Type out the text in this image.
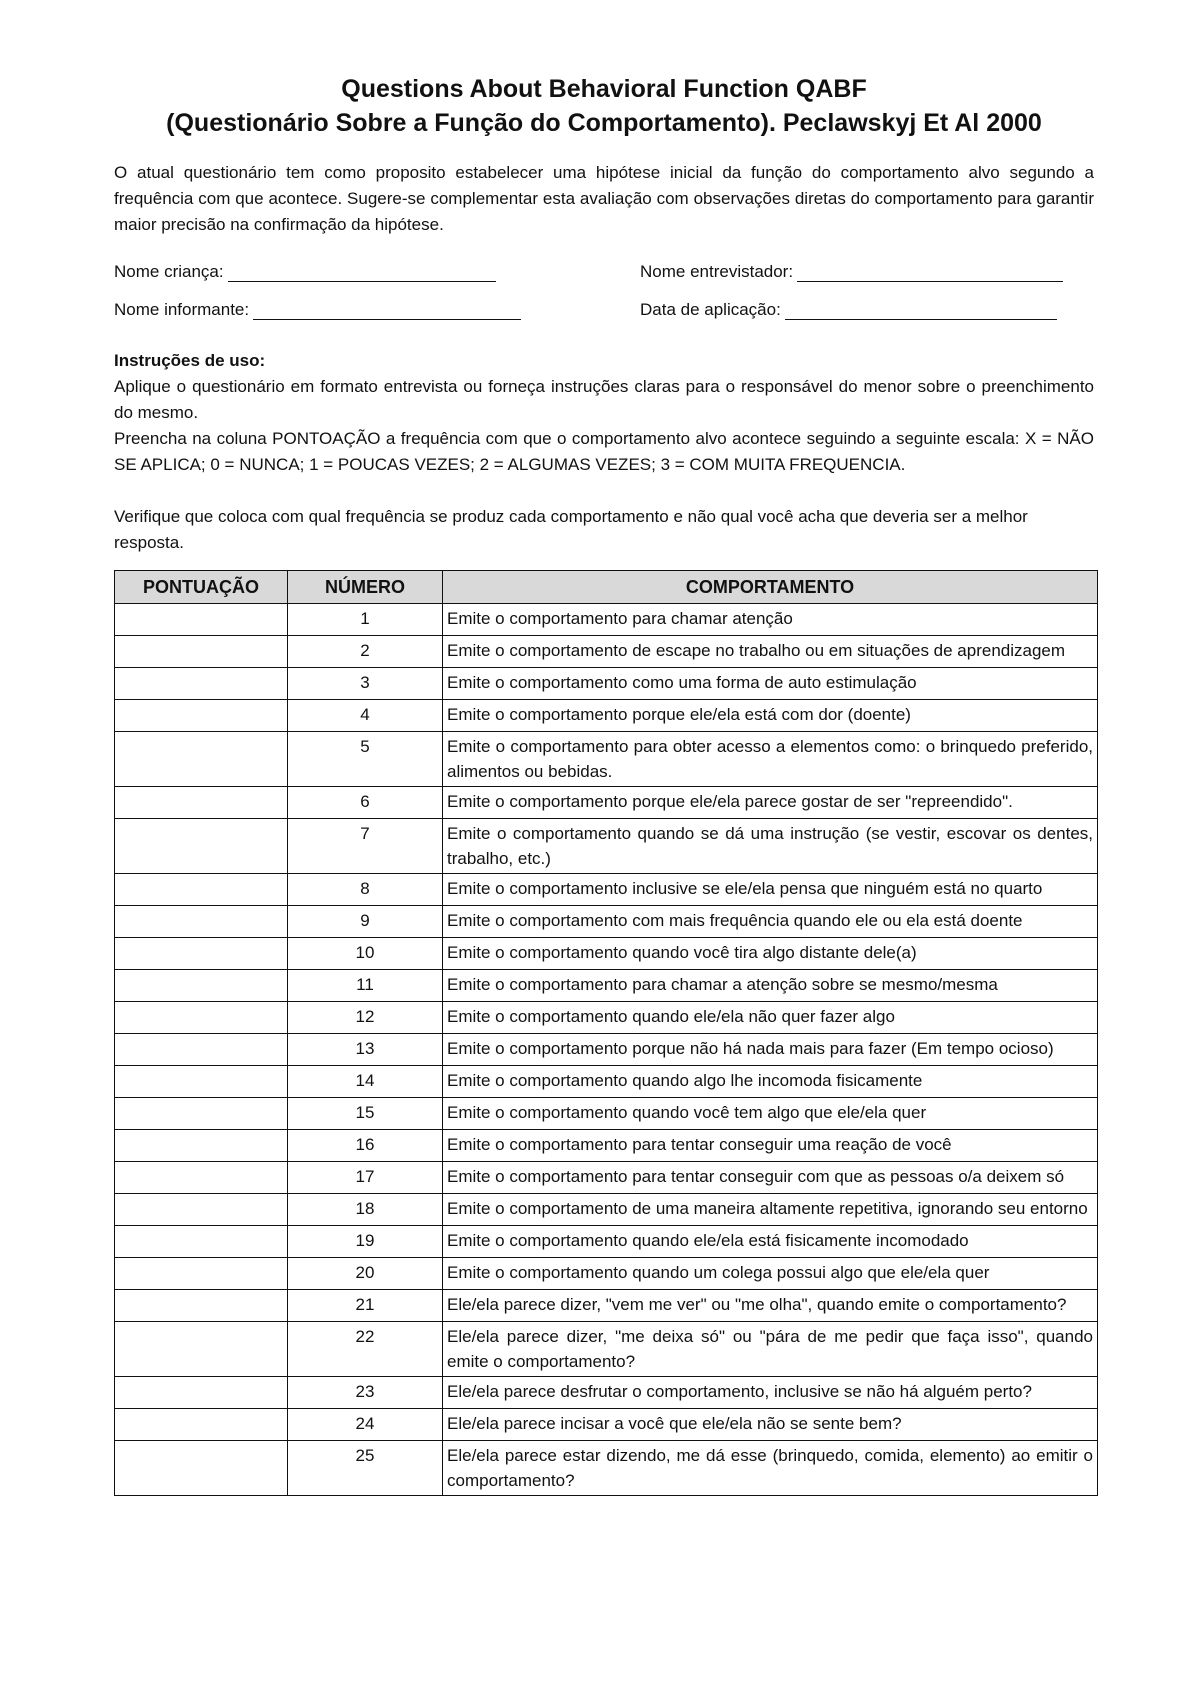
Questions About Behavioral Function QABF
(Questionário Sobre a Função do Comportamento). Peclawskyj Et Al 2000
O atual questionário tem como proposito estabelecer uma hipótese inicial da função do comportamento alvo segundo a frequência com que acontece. Sugere-se complementar esta avaliação com observações diretas do comportamento para garantir maior precisão na confirmação da hipótese.
Nome criança:	Nome entrevistador:
Nome informante:	Data de aplicação:
Instruções de uso:
Aplique o questionário em formato entrevista ou forneça instruções claras para o responsável do menor sobre o preenchimento do mesmo.
Preencha na coluna PONTOAÇÃO a frequência com que o comportamento alvo acontece seguindo a seguinte escala: X = NÃO SE APLICA; 0 = NUNCA; 1 = POUCAS VEZES; 2 = ALGUMAS VEZES; 3 = COM MUITA FREQUENCIA.
Verifique que coloca com qual frequência se produz cada comportamento e não qual você acha que deveria ser a melhor resposta.
PONTUAÇÃO	NÚMERO	COMPORTAMENTO
	1	Emite o comportamento para chamar atenção
	2	Emite o comportamento de escape no trabalho ou em situações de aprendizagem
	3	Emite o comportamento como uma forma de auto estimulação
	4	Emite o comportamento porque ele/ela está com dor (doente)
	5	Emite o comportamento para obter acesso a elementos como: o brinquedo preferido, alimentos ou bebidas.
	6	Emite o comportamento porque ele/ela parece gostar de ser "repreendido".
	7	Emite o comportamento quando se dá uma instrução (se vestir, escovar os dentes, trabalho, etc.)
	8	Emite o comportamento inclusive se ele/ela pensa que ninguém está no quarto
	9	Emite o comportamento com mais frequência quando ele ou ela está doente
	10	Emite o comportamento quando você tira algo distante dele(a)
	11	Emite o comportamento para chamar a atenção sobre se mesmo/mesma
	12	Emite o comportamento quando ele/ela não quer fazer algo
	13	Emite o comportamento porque não há nada mais para fazer (Em tempo ocioso)
	14	Emite o comportamento quando algo lhe incomoda fisicamente
	15	Emite o comportamento quando você tem algo que ele/ela quer
	16	Emite o comportamento para tentar conseguir uma reação de você
	17	Emite o comportamento para tentar conseguir com que as pessoas o/a deixem só
	18	Emite o comportamento de uma maneira altamente repetitiva, ignorando seu entorno
	19	Emite o comportamento quando ele/ela está fisicamente incomodado
	20	Emite o comportamento quando um colega possui algo que ele/ela quer
	21	Ele/ela parece dizer, "vem me ver" ou "me olha", quando emite o comportamento?
	22	Ele/ela parece dizer, "me deixa só" ou "pára de me pedir que faça isso", quando emite o comportamento?
	23	Ele/ela parece desfrutar o comportamento, inclusive se não há alguém perto?
	24	Ele/ela parece incisar a você que ele/ela não se sente bem?
	25	Ele/ela parece estar dizendo, me dá esse (brinquedo, comida, elemento) ao emitir o comportamento?
